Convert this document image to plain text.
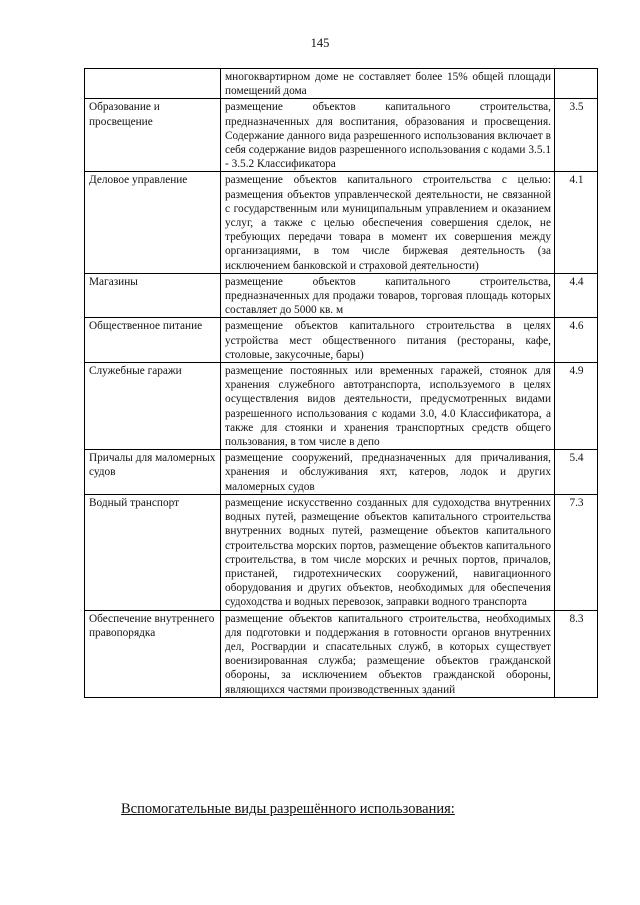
145
	многоквартирном доме не составляет более 15% общей площади помещений дома	
Образование и просвещение	размещение объектов капитального строительства, предназначенных для воспитания, образования и просвещения. Содержание данного вида разрешенного использования включает в себя содержание видов разрешенного использования с кодами 3.5.1 - 3.5.2 Классификатора	3.5
Деловое управление	размещение объектов капитального строительства с целью: размещения объектов управленческой деятельности, не связанной с государственным или муниципальным управлением и оказанием услуг, а также с целью обеспечения совершения сделок, не требующих передачи товара в момент их совершения между организациями, в том числе биржевая деятельность (за исключением банковской и страховой деятельности)	4.1
Магазины	размещение объектов капитального строительства, предназначенных для продажи товаров, торговая площадь которых составляет до 5000 кв. м	4.4
Общественное питание	размещение объектов капитального строительства в целях устройства мест общественного питания (рестораны, кафе, столовые, закусочные, бары)	4.6
Служебные гаражи	размещение постоянных или временных гаражей, стоянок для хранения служебного автотранспорта, используемого в целях осуществления видов деятельности, предусмотренных видами разрешенного использования с кодами 3.0, 4.0 Классификатора, а также для стоянки и хранения транспортных средств общего пользования, в том числе в депо	4.9
Причалы для маломерных судов	размещение сооружений, предназначенных для причаливания, хранения и обслуживания яхт, катеров, лодок и других маломерных судов	5.4
Водный транспорт	размещение искусственно созданных для судоходства внутренних водных путей, размещение объектов капитального строительства внутренних водных путей, размещение объектов капитального строительства морских портов, размещение объектов капитального строительства, в том числе морских и речных портов, причалов, пристаней, гидротехнических сооружений, навигационного оборудования и других объектов, необходимых для обеспечения судоходства и водных перевозок, заправки водного транспорта	7.3
Обеспечение внутреннего правопорядка	размещение объектов капитального строительства, необходимых для подготовки и поддержания в готовности органов внутренних дел, Росгвардии и спасательных служб, в которых существует военизированная служба; размещение объектов гражданской обороны, за исключением объектов гражданской обороны, являющихся частями производственных зданий	8.3
Вспомогательные виды разрешённого использования:
